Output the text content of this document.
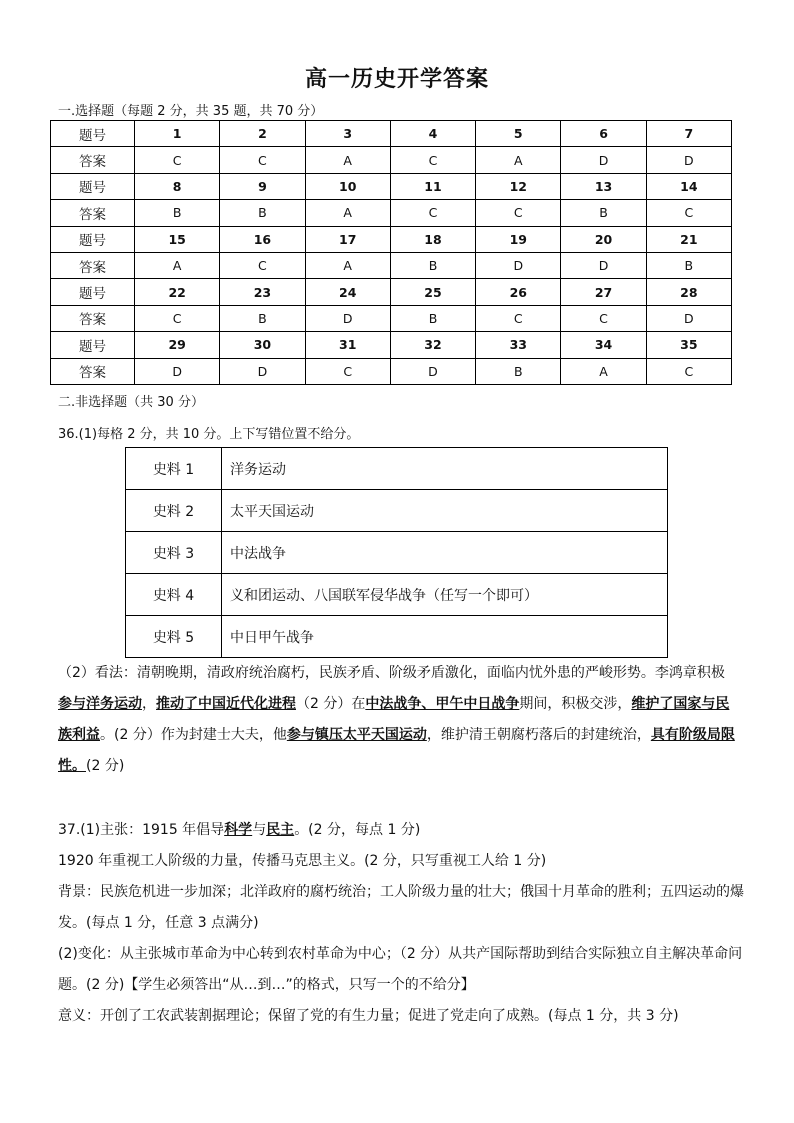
高一历史开学答案
一.选择题（每题 2 分，共 35 题，共 70 分）
题号	1	2	3	4	5	6	7
答案	C	C	A	C	A	D	D
题号	8	9	10	11	12	13	14
答案	B	B	A	C	C	B	C
题号	15	16	17	18	19	20	21
答案	A	C	A	B	D	D	B
题号	22	23	24	25	26	27	28
答案	C	B	D	B	C	C	D
题号	29	30	31	32	33	34	35
答案	D	D	C	D	B	A	C
二.非选择题（共 30 分）
36.(1)每格 2 分，共 10 分。上下写错位置不给分。
史料 1	洋务运动
史料 2	太平天国运动
史料 3	中法战争
史料 4	义和团运动、八国联军侵华战争（任写一个即可）
史料 5	中日甲午战争
（2）看法：清朝晚期，清政府统治腐朽，民族矛盾、阶级矛盾激化，面临内忧外患的严峻形势。李鸿章积极参与洋务运动，推动了中国近代化进程（2 分）在中法战争、甲午中日战争期间，积极交涉，维护了国家与民族利益。(2 分）作为封建士大夫，他参与镇压太平天国运动，维护清王朝腐朽落后的封建统治，具有阶级局限性。(2 分)

37.(1)主张：1915 年倡导科学与民主。(2 分，每点 1 分)

1920 年重视工人阶级的力量，传播马克思主义。(2 分，只写重视工人给 1 分)

背景：民族危机进一步加深；北洋政府的腐朽统治；工人阶级力量的壮大；俄国十月革命的胜利；五四运动的爆发。(每点 1 分，任意 3 点满分)

(2)变化：从主张城市革命为中心转到农村革命为中心；（2 分）从共产国际帮助到结合实际独立自主解决革命问题。(2 分)【学生必须答出“从…到…”的格式，只写一个的不给分】

意义：开创了工农武装割据理论；保留了党的有生力量；促进了党走向了成熟。(每点 1 分，共 3 分)
